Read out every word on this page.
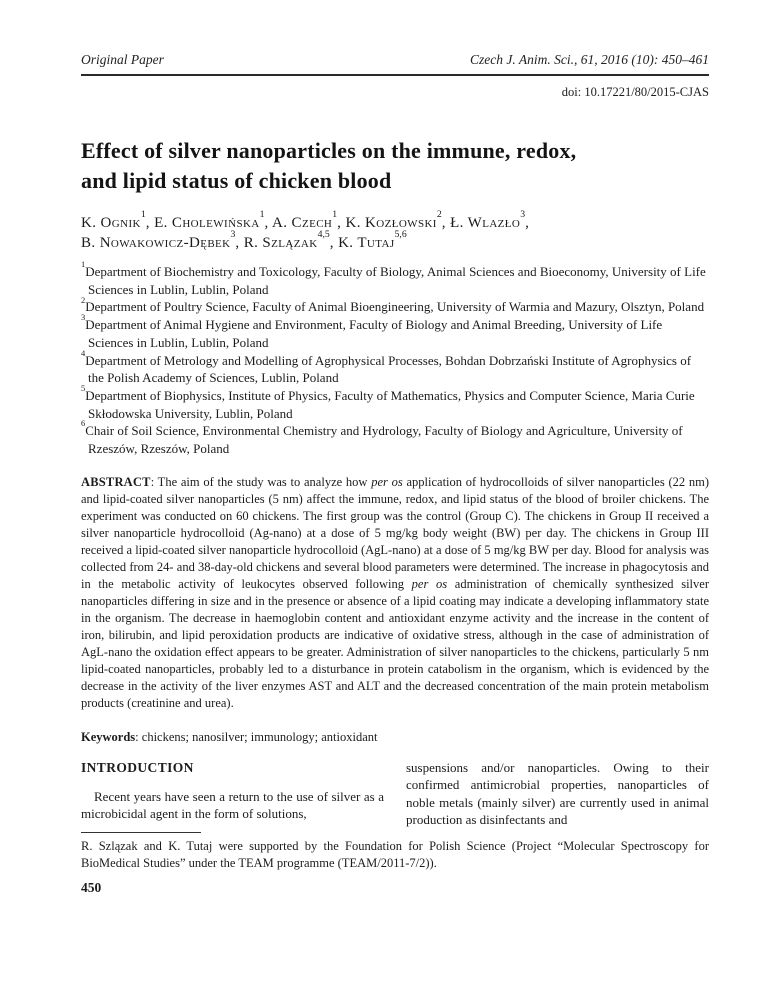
Original Paper	Czech J. Anim. Sci., 61, 2016 (10): 450–461
doi: 10.17221/80/2015-CJAS
Effect of silver nanoparticles on the immune, redox,
and lipid status of chicken blood
K. Ognik$^1$, E. Cholewińska$^1$, A. Czech$^1$, K. Kozłowski$^2$, Ł. Wlazło$^3$,
B. Nowakowicz-Dębek$^3$, R. Szlązak$^{4,5}$, K. Tutaj$^{5,6}$
$^1$Department of Biochemistry and Toxicology, Faculty of Biology, Animal Sciences and Bioeconomy, University of Life Sciences in Lublin, Lublin, Poland
$^2$Department of Poultry Science, Faculty of Animal Bioengineering, University of Warmia and Mazury, Olsztyn, Poland
$^3$Department of Animal Hygiene and Environment, Faculty of Biology and Animal Breeding, University of Life Sciences in Lublin, Lublin, Poland
$^4$Department of Metrology and Modelling of Agrophysical Processes, Bohdan Dobrzański Institute of Agrophysics of the Polish Academy of Sciences, Lublin, Poland
$^5$Department of Biophysics, Institute of Physics, Faculty of Mathematics, Physics and Computer Science, Maria Curie Skłodowska University, Lublin, Poland
$^6$Chair of Soil Science, Environmental Chemistry and Hydrology, Faculty of Biology and Agriculture, University of Rzeszów, Rzeszów, Poland

ABSTRACT: The aim of the study was to analyze how per os application of hydrocolloids of silver nanoparticles (22 nm) and lipid-coated silver nanoparticles (5 nm) affect the immune, redox, and lipid status of the blood of broiler chickens. The experiment was conducted on 60 chickens. The first group was the control (Group C). The chickens in Group II received a silver nanoparticle hydrocolloid (Ag-nano) at a dose of 5 mg/kg body weight (BW) per day. The chickens in Group III received a lipid-coated silver nanoparticle hydrocolloid (AgL-nano) at a dose of 5 mg/kg BW per day. Blood for analysis was collected from 24- and 38-day-old chickens and several blood parameters were determined. The increase in phagocytosis and in the metabolic activity of leukocytes observed following per os administration of chemically synthesized silver nanoparticles differing in size and in the presence or absence of a lipid coating may indicate a developing inflammatory state in the organism. The decrease in haemoglobin content and antioxidant enzyme activity and the increase in the content of iron, bilirubin, and lipid peroxidation products are indicative of oxidative stress, although in the case of administration of AgL-nano the oxidation effect appears to be greater. Administration of silver nanoparticles to the chickens, particularly 5 nm lipid-coated nanoparticles, probably led to a disturbance in protein catabolism in the organism, which is evidenced by the decrease in the activity of the liver enzymes AST and ALT and the decreased concentration of the main protein metabolism products (creatinine and urea).

Keywords: chickens; nanosilver; immunology; antioxidant

INTRODUCTION

Recent years have seen a return to the use of silver as a microbicidal agent in the form of solutions,

suspensions and/or nanoparticles. Owing to their confirmed antimicrobial properties, nanoparticles of noble metals (mainly silver) are currently used in animal production as disinfectants and

R. Szlązak and K. Tutaj were supported by the Foundation for Polish Science (Project “Molecular Spectroscopy for BioMedical Studies” under the TEAM programme (TEAM/2011-7/2)).

450
